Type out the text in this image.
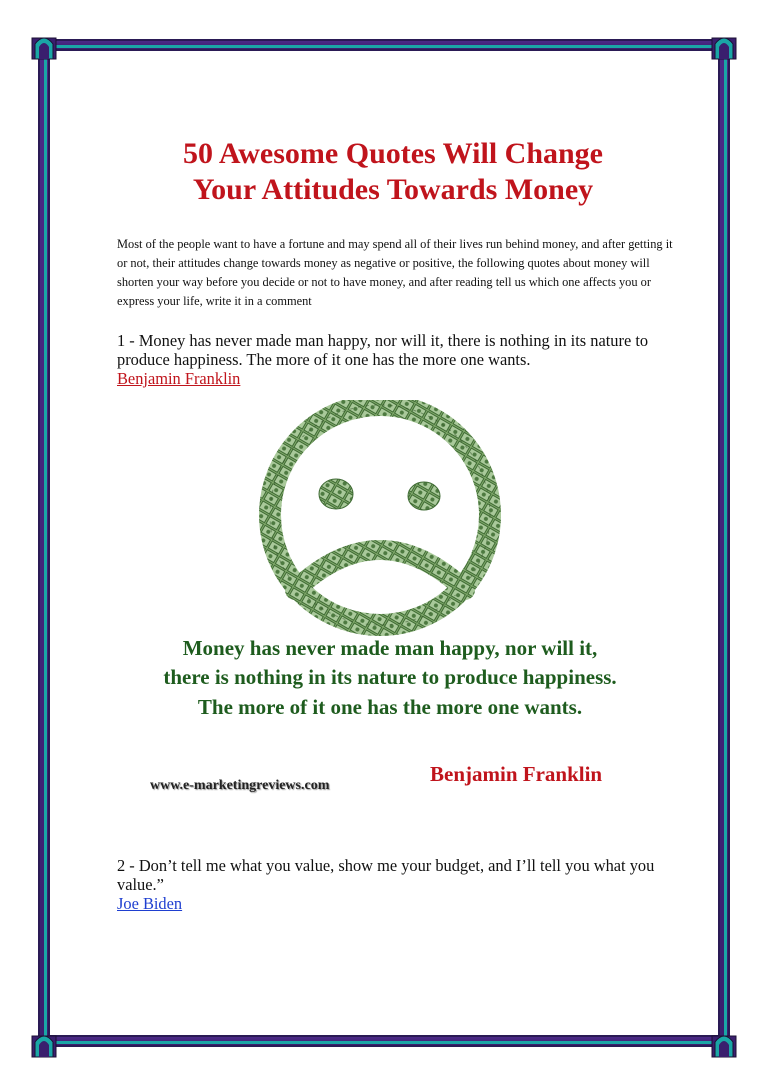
50 Awesome Quotes Will Change
Your Attitudes Towards Money
Most of the people want to have a fortune and may spend all of their lives run behind money, and after getting it or not, their attitudes change towards money as negative or positive, the following quotes about money will shorten your way before you decide or not to have money, and after reading tell us which one affects you or express your life, write it in a comment
1 - Money has never made man happy, nor will it, there is nothing in its nature to produce happiness. The more of it one has the more one wants.
Benjamin Franklin
Money has never made man happy, nor will it,
there is nothing in its nature to produce happiness.
The more of it one has the more one wants.
Benjamin Franklin
www.e-marketingreviews.com
2 - Don’t tell me what you value, show me your budget, and I’ll tell you what you value.”
Joe Biden
